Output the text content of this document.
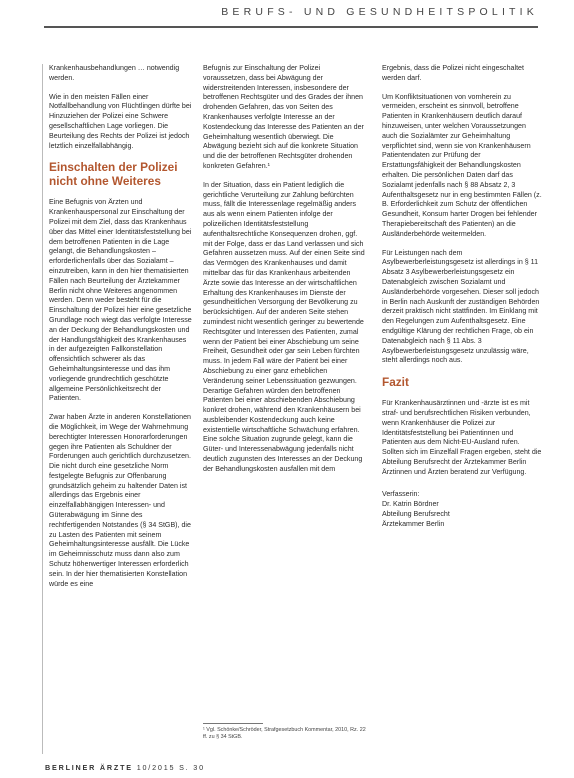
BERUFS- UND GESUNDHEITSPOLITIK

Krankenhausbehandlungen … notwendig werden.

Wie in den meisten Fällen einer Notfallbehandlung von Flüchtlingen dürfte bei Hinzuziehen der Polizei eine Schwere gesellschaftlichen Lage vorliegen. Die Beurteilung des Rechts der Polizei ist jedoch letztlich einzelfallabhängig.

Einschalten der Polizei nicht ohne Weiteres

Eine Befugnis von Ärzten und Krankenhauspersonal zur Einschaltung der Polizei mit dem Ziel, dass das Krankenhaus über das Mittel einer Identitätsfeststellung bei dem betroffenen Patienten in die Lage gelangt, die Behandlungskosten – erforderlichenfalls über das Sozialamt – einzutreiben, kann in den hier thematisierten Fällen nach Beurteilung der Ärztekammer Berlin nicht ohne Weiteres angenommen werden. Denn weder besteht für die Einschaltung der Polizei hier eine gesetzliche Grundlage noch wiegt das verfolgte Interesse an der Deckung der Behandlungskosten und der Handlungsfähigkeit des Krankenhauses in der aufgezeigten Fallkonstellation offensichtlich schwerer als das Geheimhaltungsinteresse und das ihm vorliegende grundrechtlich geschützte allgemeine Persönlichkeitsrecht der Patienten.

Zwar haben Ärzte in anderen Konstellationen die Möglichkeit, im Wege der Wahrnehmung berechtigter Interessen Honorarforderungen gegen ihre Patienten als Schuldner der Forderungen auch gerichtlich durchzusetzen. Die nicht durch eine gesetzliche Norm festgelegte Befugnis zur Offenbarung grundsätzlich geheim zu haltender Daten ist allerdings das Ergebnis einer einzelfallabhängigen Interessen- und Güterabwägung im Sinne des rechtfertigenden Notstandes (§ 34 StGB), die zu Lasten des Patienten mit seinem Geheimhaltungsinteresse ausfällt. Die Lücke im Geheimnisschutz muss dann also zum Schutz höherwertiger Interessen erforderlich sein. In der hier thematisierten Konstellation würde es eine

Befugnis zur Einschaltung der Polizei voraussetzen, dass bei Abwägung der widerstreitenden Interessen, insbesondere der betroffenen Rechtsgüter und des Grades der ihnen drohenden Gefahren, das von Seiten des Krankenhauses verfolgte Interesse an der Kostendeckung das Interesse des Patienten an der Geheimhaltung wesentlich überwiegt. Die Abwägung bezieht sich auf die konkrete Situation und die der betroffenen Rechtsgüter drohenden konkreten Gefahren.¹

In der Situation, dass ein Patient lediglich die gerichtliche Verurteilung zur Zahlung befürchten muss, fällt die Interessenlage regelmäßig anders aus als wenn einem Patienten infolge der polizeilichen Identitätsfeststellung aufenthaltsrechtliche Konsequenzen drohen, ggf. mit der Folge, dass er das Land verlassen und sich Gefahren aussetzen muss. Auf der einen Seite sind das Vermögen des Krankenhauses und damit mittelbar das für das Krankenhaus arbeitenden Ärzte sowie das Interesse an der wirtschaftlichen Erhaltung des Krankenhauses im Dienste der gesundheitlichen Versorgung der Bevölkerung zu berücksichtigen. Auf der anderen Seite stehen zumindest nicht wesentlich geringer zu bewertende Rechtsgüter und Interessen des Patienten, zumal wenn der Patient bei einer Abschiebung um seine Freiheit, Gesundheit oder gar sein Leben fürchten muss. In jedem Fall wäre der Patient bei einer Abschiebung zu einer ganz erheblichen Veränderung seiner Lebenssituation gezwungen. Derartige Gefahren würden den betroffenen Patienten bei einer abschiebenden Abschiebung konkret drohen, während den Krankenhäusern bei ausbleibender Kostendeckung auch keine existentielle wirtschaftliche Schwächung erfahren. Eine solche Situation zugrunde gelegt, kann die Güter- und Interessenabwägung jedenfalls nicht deutlich zugunsten des Interesses an der Deckung der Behandlungskosten ausfallen mit dem

¹ Vgl. Schönke/Schröder, Strafgesetzbuch Kommentar, 2010, Rz. 22 ff. zu § 34 StGB.

Ergebnis, dass die Polizei nicht eingeschaltet werden darf.

Um Konfliktsituationen von vornherein zu vermeiden, erscheint es sinnvoll, betroffene Patienten in Krankenhäusern deutlich darauf hinzuweisen, unter welchen Voraussetzungen auch die Sozialämter zur Geheimhaltung verpflichtet sind, wenn sie von Krankenhäusern Patientendaten zur Prüfung der Erstattungsfähigkeit der Behandlungskosten erhalten. Die persönlichen Daten darf das Sozialamt jedenfalls nach § 88 Absatz 2, 3 Aufenthaltsgesetz nur in eng bestimmten Fällen (z. B. Erforderlichkeit zum Schutz der öffentlichen Gesundheit, Konsum harter Drogen bei fehlender Therapiebereitschaft des Patienten) an die Ausländerbehörde weitermelden.

Für Leistungen nach dem Asylbewerberleistungsgesetz ist allerdings in § 11 Absatz 3 Asylbewerberleistungsgesetz ein Datenabgleich zwischen Sozialamt und Ausländerbehörde vorgesehen. Dieser soll jedoch in Berlin nach Auskunft der zuständigen Behörden derzeit praktisch nicht stattfinden. Im Einklang mit den Regelungen zum Aufenthaltsgesetz. Eine endgültige Klärung der rechtlichen Frage, ob ein Datenabgleich nach § 11 Abs. 3 Asylbewerberleistungsgesetz unzulässig wäre, steht allerdings noch aus.

Fazit

Für Krankenhausärztinnen und -ärzte ist es mit straf- und berufsrechtlichen Risiken verbunden, wenn Krankenhäuser die Polizei zur Identitätsfeststellung bei Patientinnen und Patienten aus dem Nicht-EU-Ausland rufen. Sollten sich im Einzelfall Fragen ergeben, steht die Abteilung Berufsrecht der Ärztekammer Berlin Ärztinnen und Ärzten beratend zur Verfügung.

Verfasserin:
Dr. Katrin Bördner
Abteilung Berufsrecht
Ärztekammer Berlin
BERLINER ÄRZTE 10/2015 S. 30
